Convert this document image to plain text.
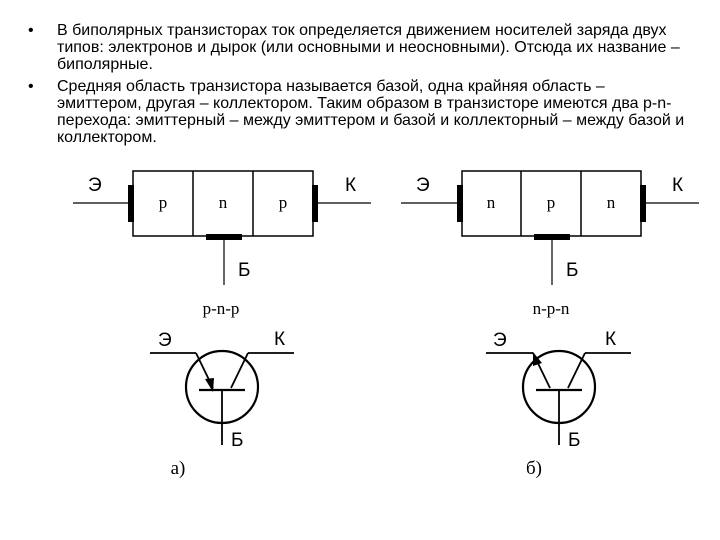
• В биполярных транзисторах ток определяется движением носителей заряда двух типов: электронов и дырок (или основными и неосновными). Отсюда их название – биполярные.
• Средняя область транзистора называется базой, одна крайняя область – эмиттером, другая – коллектором. Таким образом в транзисторе имеются два p-n- перехода: эмиттерный – между эмиттером и базой и коллекторный – между базой и коллектором.
p	n	p
Э	К
Б
p-n-p
Э	К
Б
а)
n	p	n
Э	К
Б
n-p-n
Э	К
Б
б)
